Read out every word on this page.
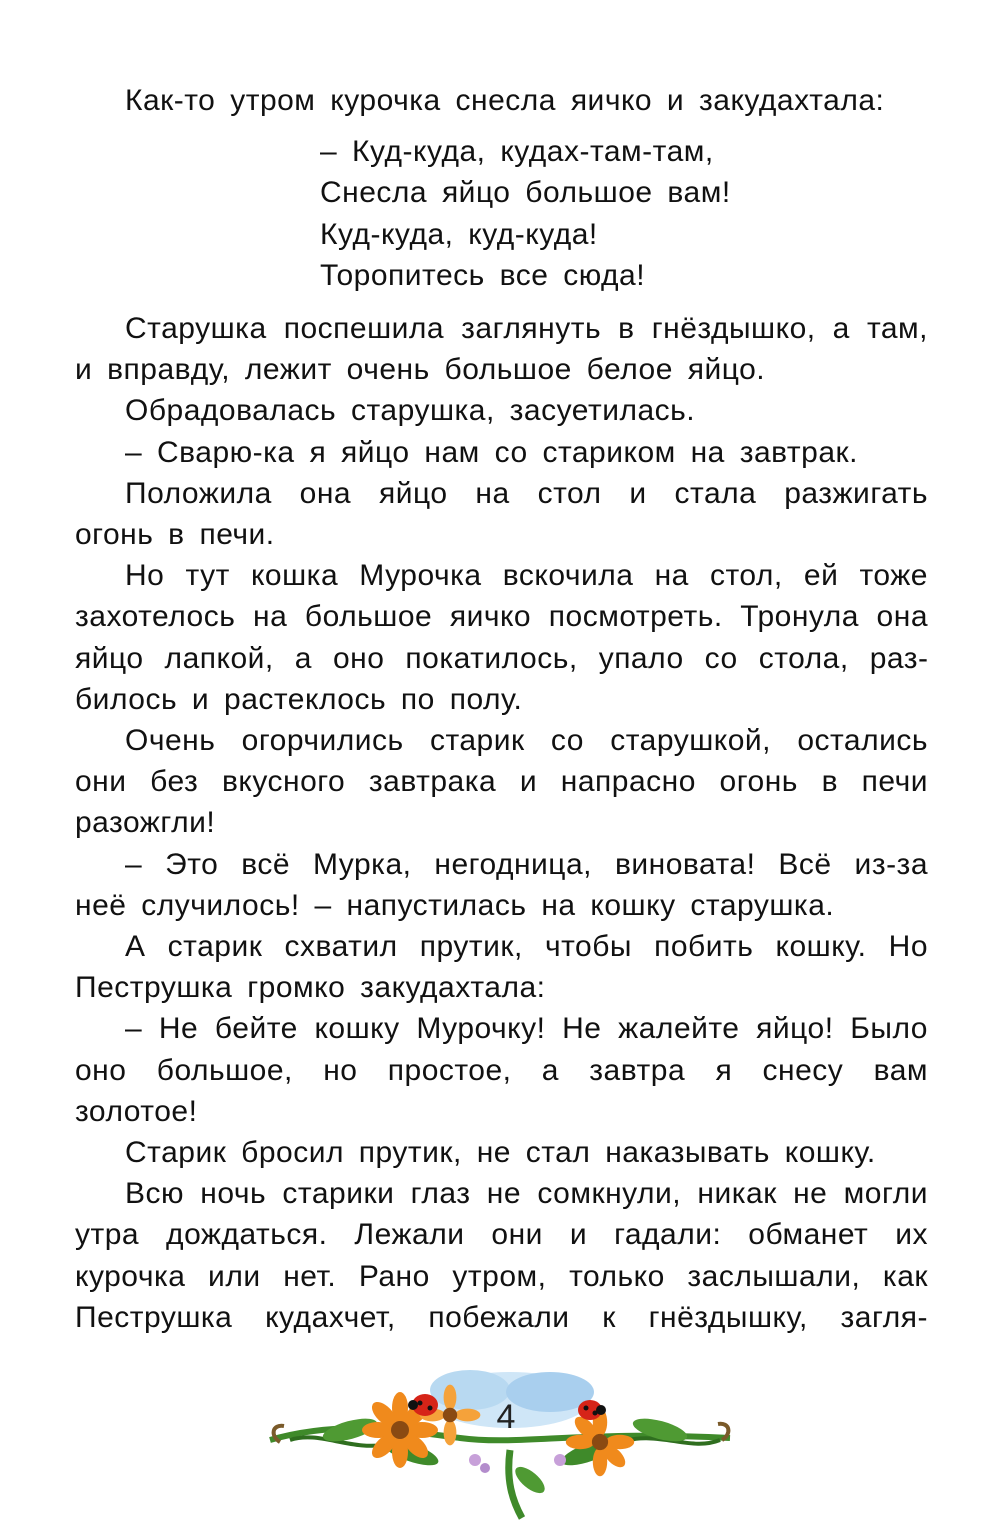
Как-то утром курочка снесла яичко и закудахтала:

– Куд-куда, кудах-там-там,
Снесла яйцо большое вам!
Куд-куда, куд-куда!
Торопитесь все сюда!

Старушка поспешила заглянуть в гнёздышко, а там, и вправду, лежит очень большое белое яйцо.

Обрадовалась старушка, засуетилась.

– Сварю-ка я яйцо нам со стариком на завтрак.

Положила она яйцо на стол и стала разжигать огонь в печи.

Но тут кошка Мурочка вскочила на стол, ей тоже захотелось на большое яичко посмотреть. Тронула она яйцо лапкой, а оно покатилось, упало со стола, разбилось и растеклось по полу.

Очень огорчились старик со старушкой, остались они без вкусного завтрака и напрасно огонь в печи разожгли!

– Это всё Мурка, негодница, виновата! Всё из-за неё случилось! – напустилась на кошку старушка.

А старик схватил прутик, чтобы побить кошку. Но Пеструшка громко закудахтала:

– Не бейте кошку Мурочку! Не жалейте яйцо! Было оно большое, но простое, а завтра я снесу вам золотое!

Старик бросил прутик, не стал наказывать кошку.

Всю ночь старики глаз не сомкнули, никак не могли утра дождаться. Лежали они и гадали: обманет их курочка или нет. Рано утром, только заслышали, как Пеструшка кудахчет, побежали к гнёздышку, загля-

4
